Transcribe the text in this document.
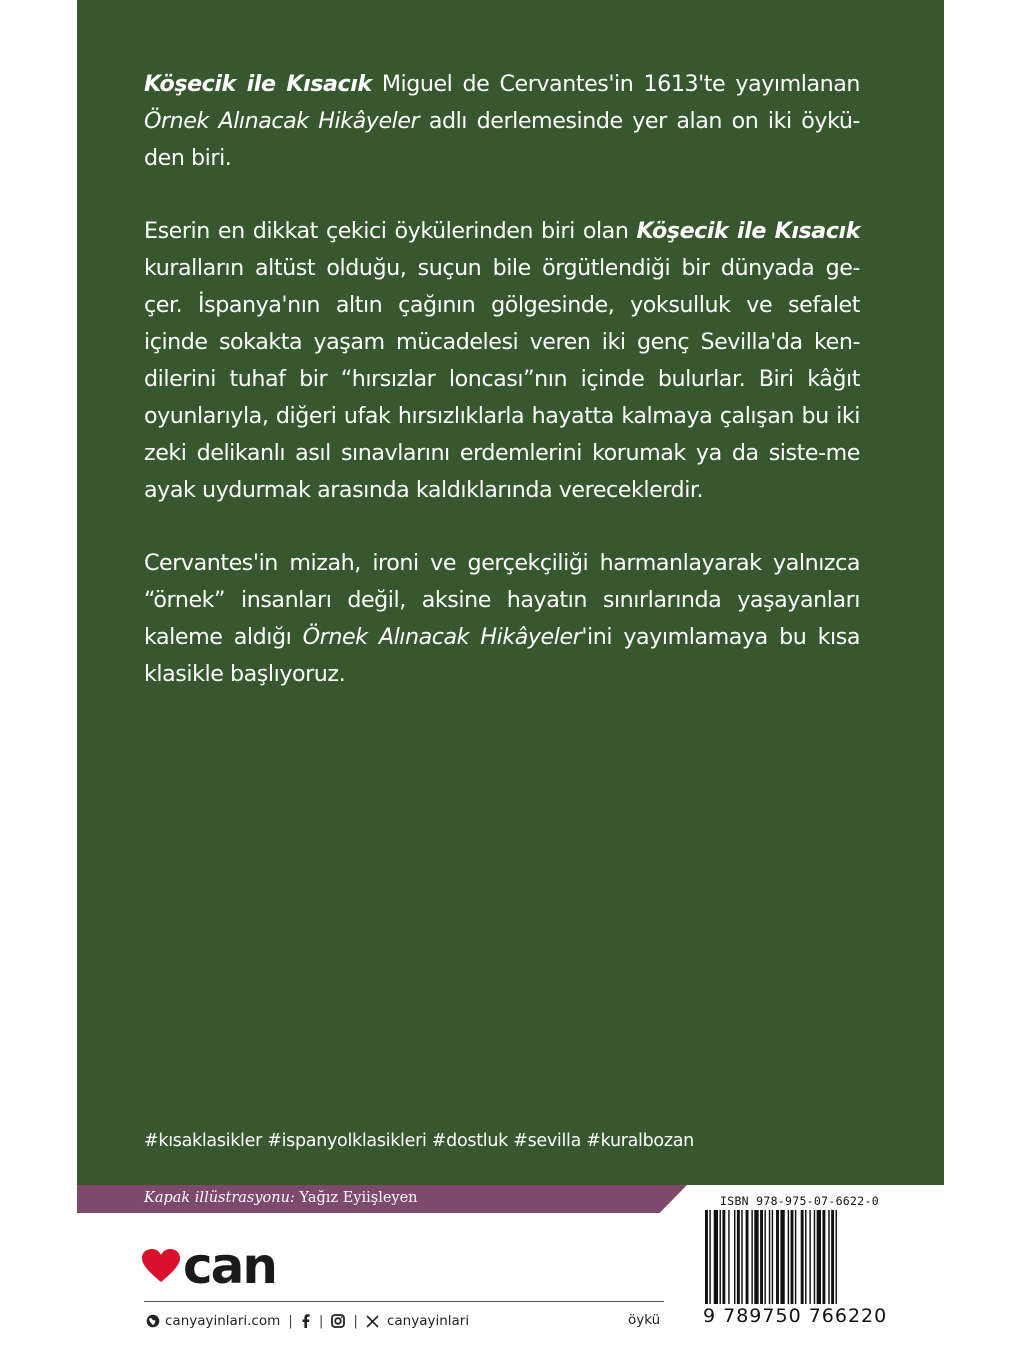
Köşecik ile Kısacık Miguel de Cervantes'in 1613'te yayımlanan Örnek Alınacak Hikâyeler adlı derlemesinde yer alan on iki öykü-den biri.

Eserin en dikkat çekici öykülerinden biri olan Köşecik ile Kısacık kuralların altüst olduğu, suçun bile örgütlendiği bir dünyada ge-çer. İspanya'nın altın çağının gölgesinde, yoksulluk ve sefalet içinde sokakta yaşam mücadelesi veren iki genç Sevilla'da ken-dilerini tuhaf bir “hırsızlar loncası”nın içinde bulurlar. Biri kâğıt oyunlarıyla, diğeri ufak hırsızlıklarla hayatta kalmaya çalışan bu iki zeki delikanlı asıl sınavlarını erdemlerini korumak ya da siste-me ayak uydurmak arasında kaldıklarında vereceklerdir.

Cervantes'in mizah, ironi ve gerçekçiliği harmanlayarak yalnızca “örnek” insanları değil, aksine hayatın sınırlarında yaşayanları kaleme aldığı Örnek Alınacak Hikâyeler'ini yayımlamaya bu kısa klasikle başlıyoruz.

#kısaklasikler #ispanyolklasikleri #dostluk #sevilla #kuralbozan
Kapak illüstrasyonu: Yağız Eyiişleyen
can
canyayinlari.com | | | canyayinlari	öykü
ISBN 978-975-07-6622-0
9 789750 766220
